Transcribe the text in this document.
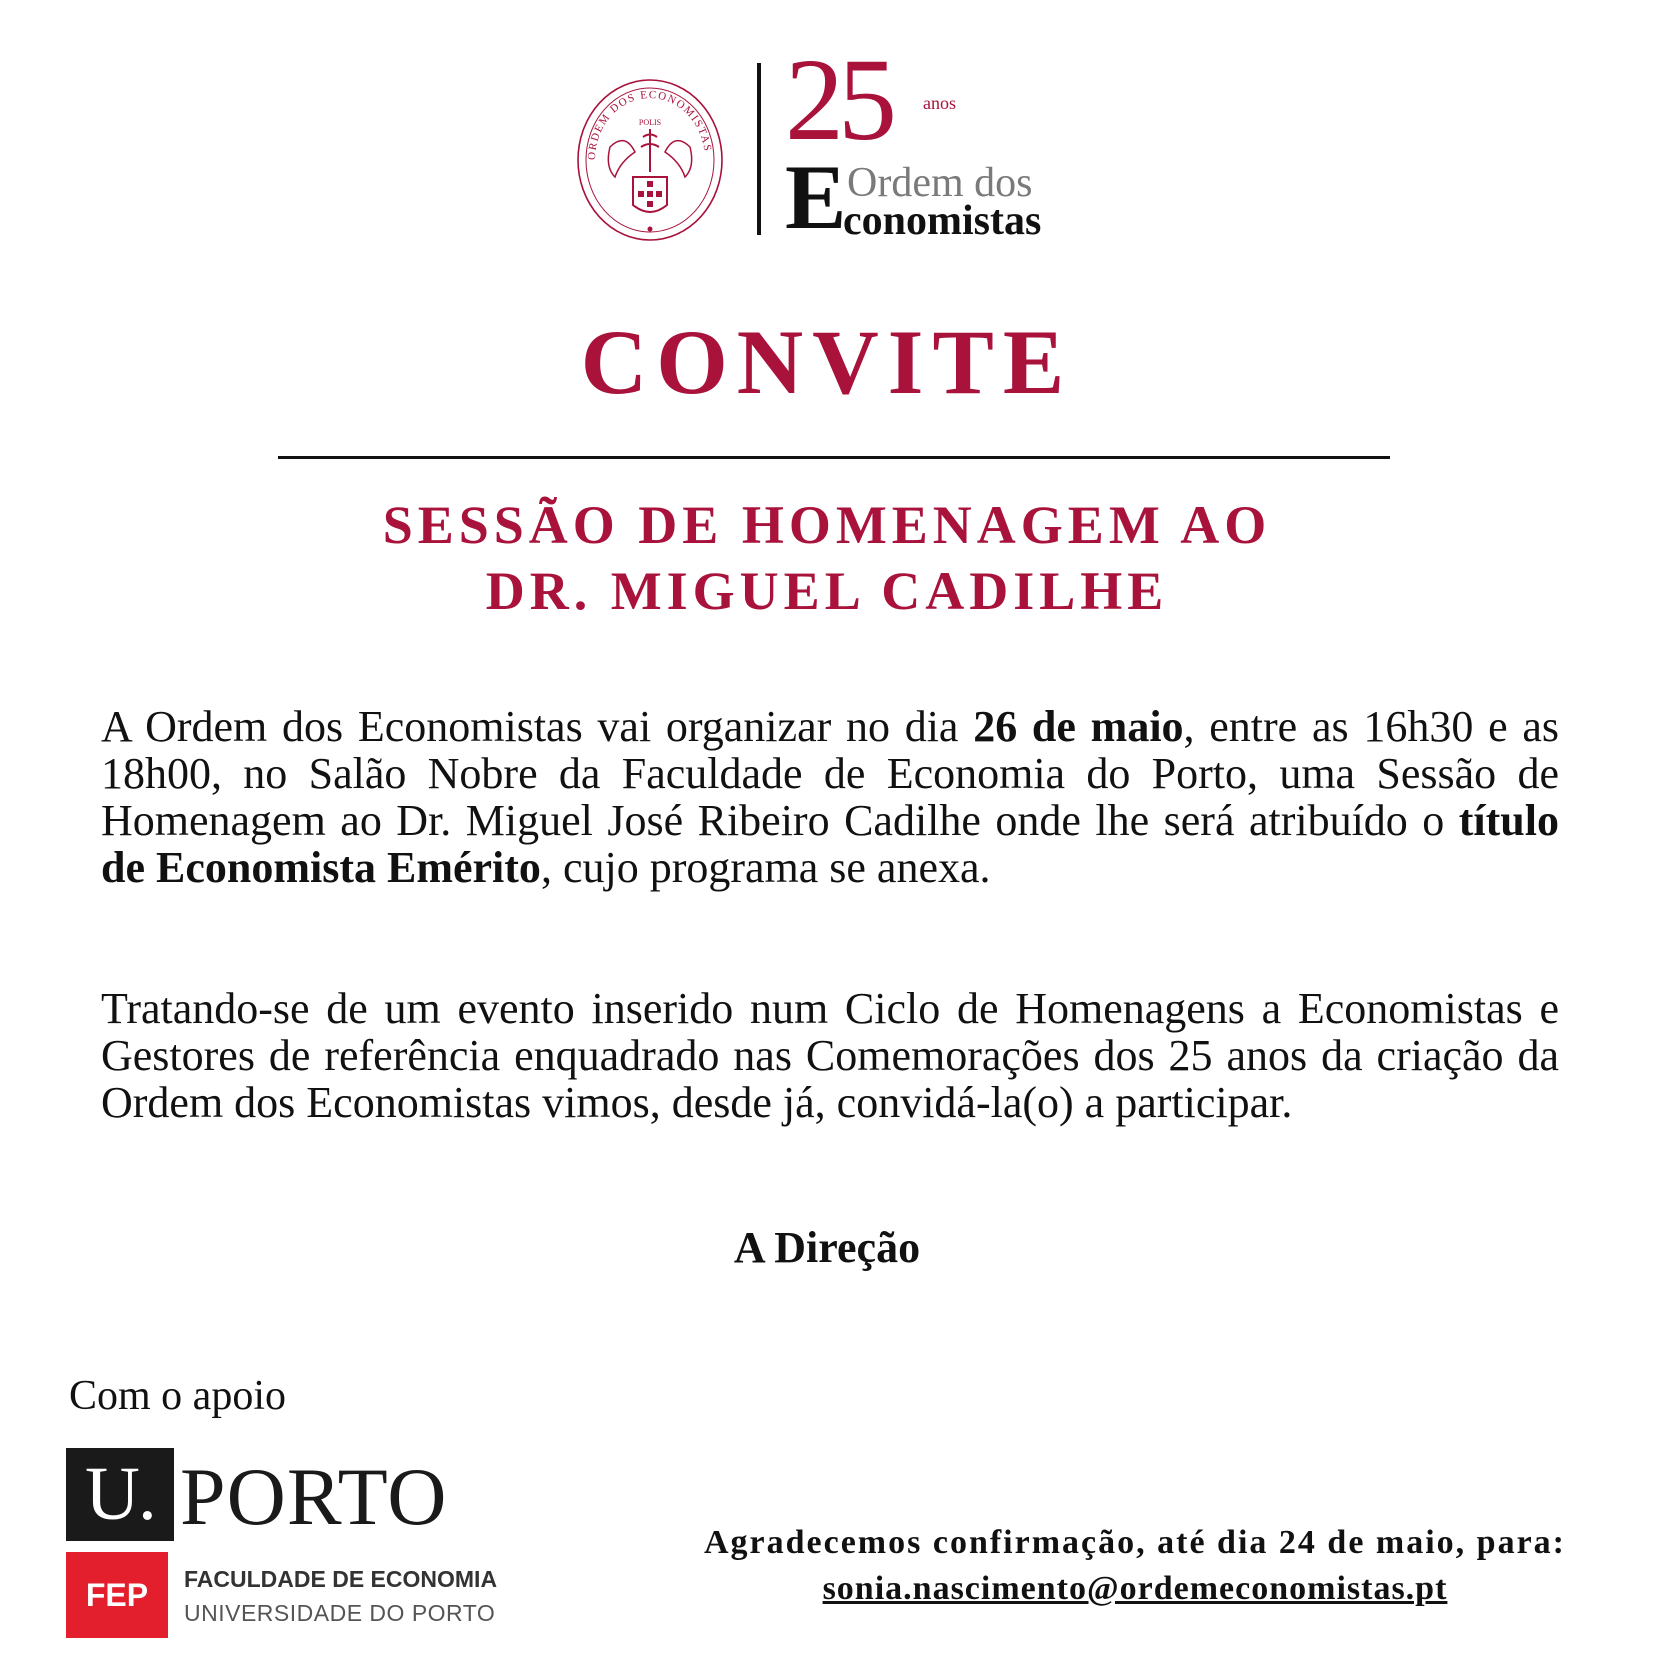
ORDEM DOS ECONOMISTAS
POLIS 25 anos
E Ordem dos
conomistas
CONVITE
SESSÃO DE HOMENAGEM AO
DR. MIGUEL CADILHE
A Ordem dos Economistas vai organizar no dia 26 de maio, entre as 16h30 e as 18h00, no Salão Nobre da Faculdade de Economia do Porto, uma Sessão de Homenagem ao Dr. Miguel José Ribeiro Cadilhe onde lhe será atribuído o título de Economista Emérito, cujo programa se anexa.
Tratando-se de um evento inserido num Ciclo de Homenagens a Economistas e Gestores de referência enquadrado nas Comemorações dos 25 anos da criação da Ordem dos Economistas vimos, desde já, convidá-la(o) a participar.
A Direção
Com o apoio
U. PORTO
FEP	FACULDADE DE ECONOMIA
UNIVERSIDADE DO PORTO
Agradecemos confirmação, até dia 24 de maio, para:
sonia.nascimento@ordemeconomistas.pt
